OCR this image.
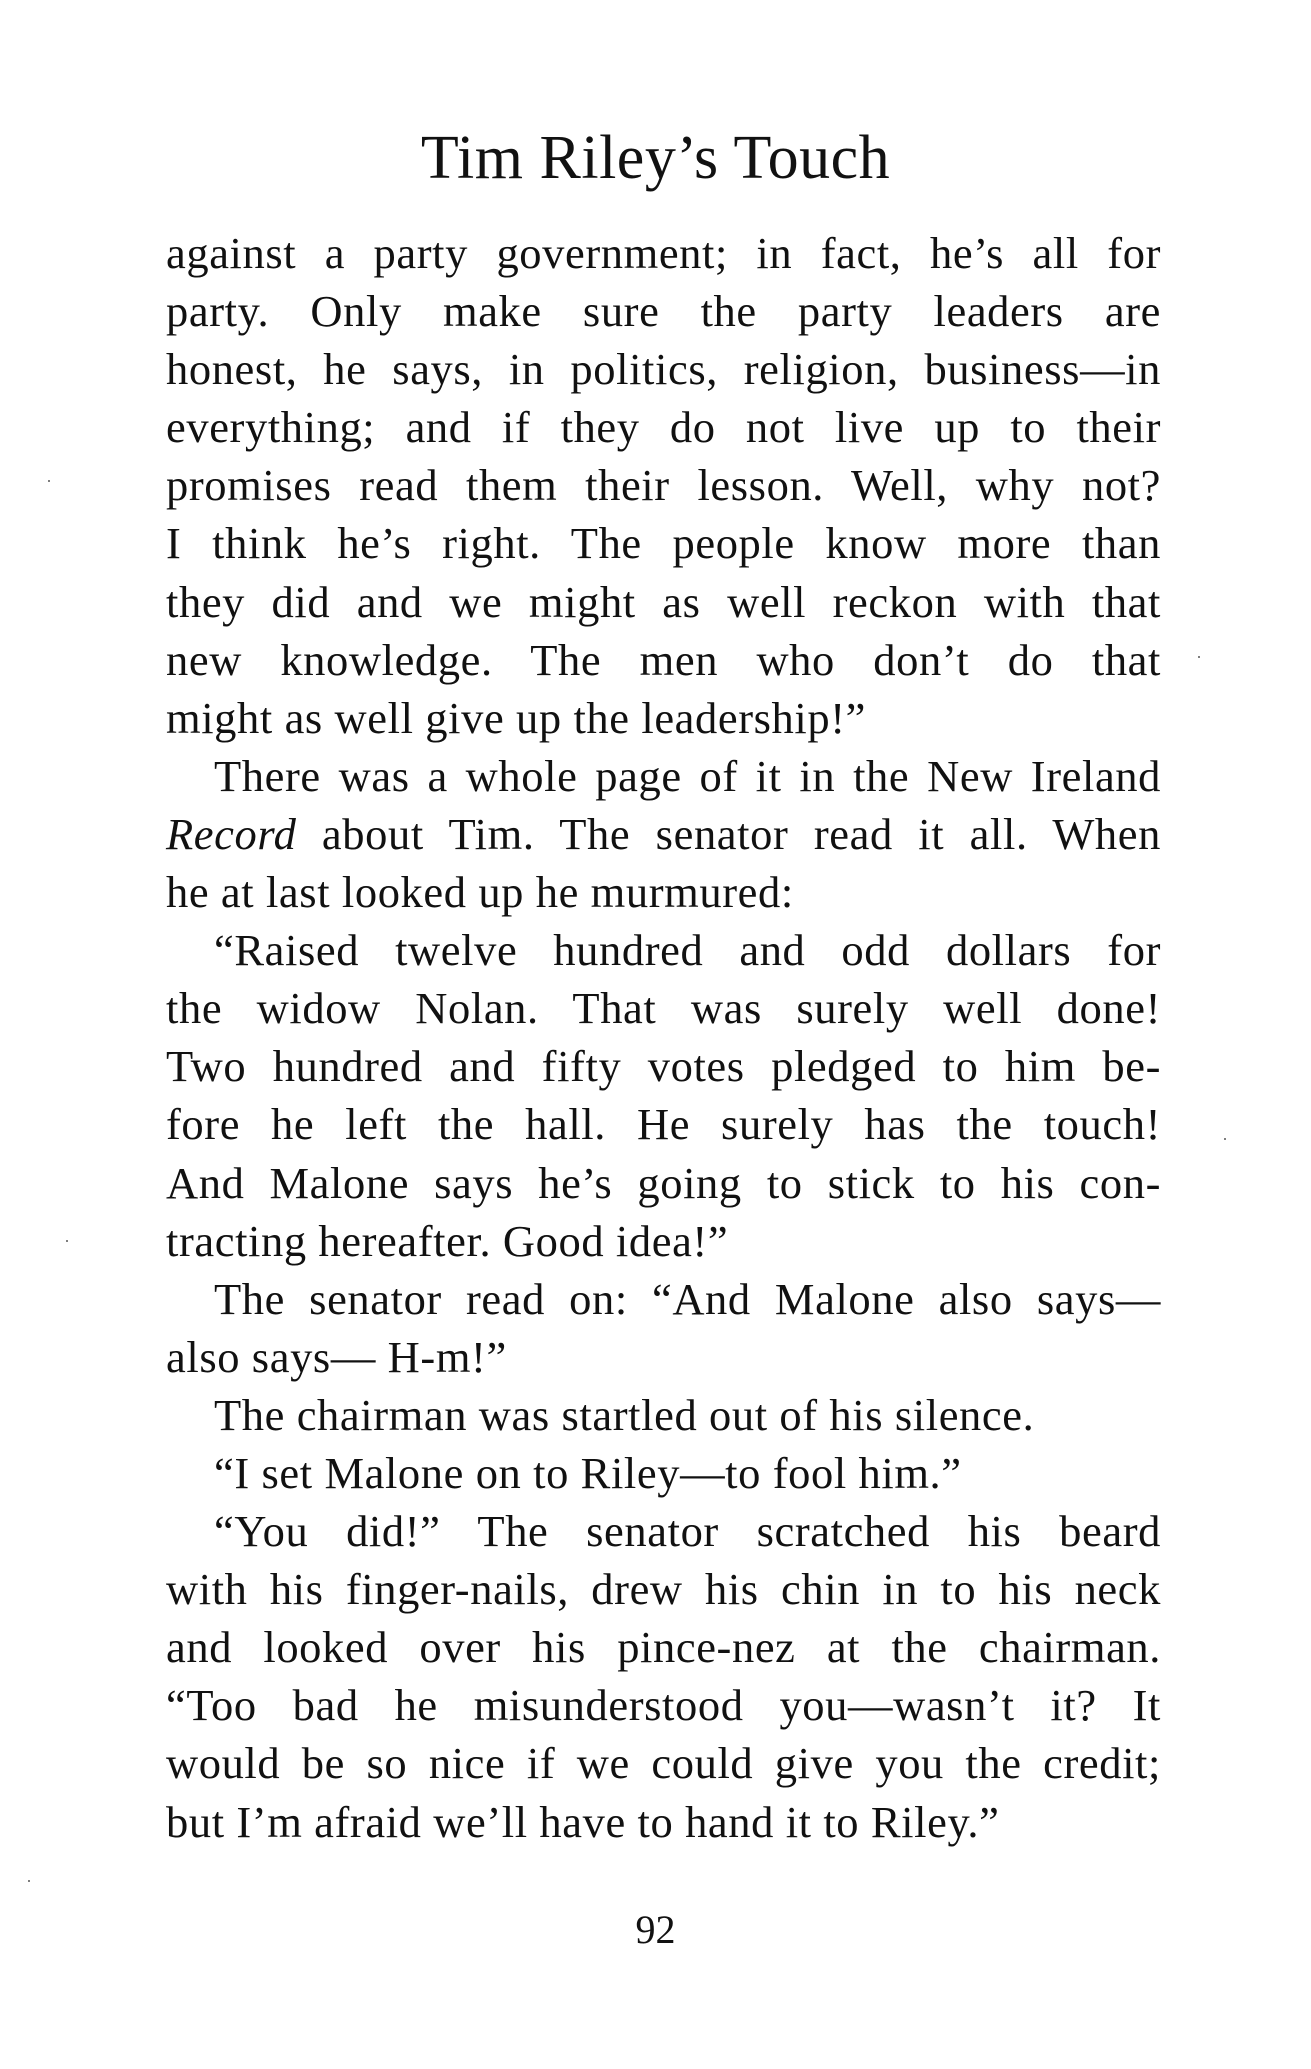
Tim Riley’s Touch
against a party government; in fact, he’s all for
party. Only make sure the party leaders are
honest, he says, in politics, religion, business—in
everything; and if they do not live up to their
promises read them their lesson. Well, why not?
I think he’s right. The people know more than
they did and we might as well reckon with that
new knowledge. The men who don’t do that
might as well give up the leadership!”
There was a whole page of it in the New Ireland
Record about Tim. The senator read it all. When
he at last looked up he murmured:
“Raised twelve hundred and odd dollars for
the widow Nolan. That was surely well done!
Two hundred and fifty votes pledged to him be-
fore he left the hall. He surely has the touch!
And Malone says he’s going to stick to his con-
tracting hereafter. Good idea!”
The senator read on: “And Malone also says—
also says— H-m!”
The chairman was startled out of his silence.
“I set Malone on to Riley—to fool him.”
“You did!” The senator scratched his beard
with his finger-nails, drew his chin in to his neck
and looked over his pince-nez at the chairman.
“Too bad he misunderstood you—wasn’t it? It
would be so nice if we could give you the credit;
but I’m afraid we’ll have to hand it to Riley.”
92
